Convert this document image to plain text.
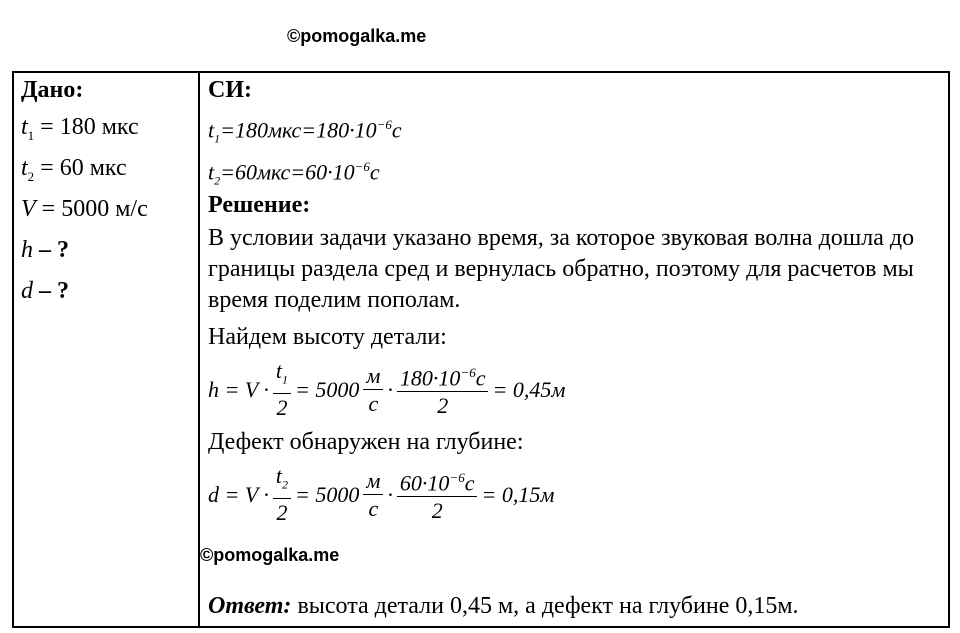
©pomogalka.me
Дано:
$t_1 = 180$ мкс
$t_2 = 60$ мкс
V = 5000 м/с
h – ?
d – ?
СИ:
$t_1=180мкс=180\cdot 10^{-6}с$
$t_2=60мкс=60\cdot 10^{-6}с$
Решение:
В условии задачи указано время, за которое звуковая волна дошла до границы раздела сред и вернулась обратно, поэтому для расчетов мы время поделим пополам.
Найдем высоту детали:
$h = V \cdot \frac{t_1}{2} = 5000 \frac{м}{с} \cdot \frac{180\cdot 10^{-6}с}{2} = 0,45м$
Дефект обнаружен на глубине:
$d = V \cdot \frac{t_2}{2} = 5000 \frac{м}{с} \cdot \frac{60\cdot 10^{-6}с}{2} = 0,15м$
Ответ: высота детали 0,45 м, а дефект на глубине 0,15м.
©pomogalka.me
